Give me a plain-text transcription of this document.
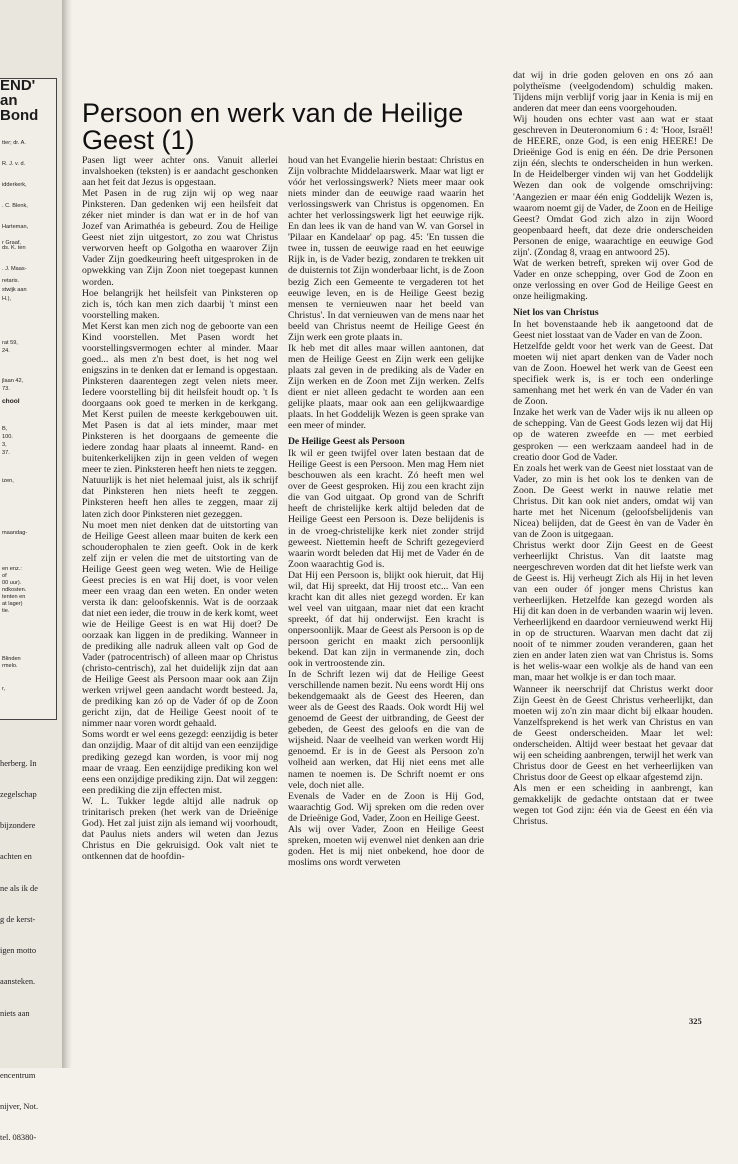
END'
an
Bond

tter; dr. A.

R. J. v. d.

idderkerk,

. C. Blenk,

Harteman,

ds. K. ten

. J. Maas-

stwijk aan

r Graaf,
retaris.
H.),
rat 59,
24.
jlaan 42,
73.
chool
B,
100.
3,
37.
izen,
maandag-
en enz.:
of
00 uur).
ndkosten.
tenten en
at lager)
tie.
Blinden
rmelo.
r,

herberg. In

zegelschap

bijzondere

achten en

ne als ik de

g de kerst-

igen motto

aansteken.

niets aan

encentrum

nijver, Not.

tel. 08380-

Persoon en werk van de Heilige Geest (1)

Pasen ligt weer achter ons. Vanuit allerlei invalshoeken (teksten) is er aandacht geschonken aan het feit dat Jezus is opgestaan.

Met Pasen in de rug zijn wij op weg naar Pinksteren. Dan gedenken wij een heilsfeit dat zéker niet minder is dan wat er in de hof van Jozef van Arimathéa is gebeurd. Zou de Heilige Geest niet zijn uitgestort, zo zou wat Christus verworven heeft op Golgotha en waarover Zijn Vader Zijn goedkeuring heeft uitgesproken in de opwekking van Zijn Zoon niet toegepast kunnen worden.

Hoe belangrijk het heilsfeit van Pinksteren op zich is, tóch kan men zich daarbij 't minst een voorstelling maken.

Met Kerst kan men zich nog de geboorte van een Kind voorstellen. Met Pasen wordt het voorstellingsvermogen echter al minder. Maar goed... als men z'n best doet, is het nog wel enigszins in te denken dat er Iemand is opgestaan. Pinksteren daarentegen zegt velen niets meer. Iedere voorstelling bij dit heilsfeit houdt op. 't Is doorgaans ook goed te merken in de kerkgang. Met Kerst puilen de meeste kerkgebouwen uit. Met Pasen is dat al iets minder, maar met Pinksteren is het doorgaans de gemeente die iedere zondag haar plaats al inneemt. Rand- en buitenkerkelijken zijn in geen velden of wegen meer te zien. Pinksteren heeft hen niets te zeggen.

Natuurlijk is het niet helemaal juist, als ik schrijf dat Pinksteren hen niets heeft te zeggen. Pinksteren heeft hen alles te zeggen, maar zij laten zich door Pinksteren niet gezeggen.

Nu moet men niet denken dat de uitstorting van de Heilige Geest alleen maar buiten de kerk een schouderophalen te zien geeft. Ook in de kerk zelf zijn er velen die met de uitstorting van de Heilige Geest geen weg weten. Wie de Heilige Geest precies is en wat Hij doet, is voor velen meer een vraag dan een weten. En onder weten versta ik dan: geloofskennis. Wat is de oorzaak dat niet een ieder, die trouw in de kerk komt, weet wie de Heilige Geest is en wat Hij doet? De oorzaak kan liggen in de prediking. Wanneer in de prediking alle nadruk alleen valt op God de Vader (patrocentrisch) of alleen maar op Christus (christo-centrisch), zal het duidelijk zijn dat aan de Heilige Geest als Persoon maar ook aan Zijn werken vrijwel geen aandacht wordt besteed. Ja, de prediking kan zó op de Vader óf op de Zoon gericht zijn, dat de Heilige Geest nooit of te nimmer naar voren wordt gehaald.

Soms wordt er wel eens gezegd: eenzijdig is beter dan onzijdig. Maar of dit altijd van een eenzijdige prediking gezegd kan worden, is voor mij nog maar de vraag. Een eenzijdige prediking kon wel eens een onzijdige prediking zijn. Dat wil zeggen: een prediking die zijn effecten mist.

W. L. Tukker legde altijd alle nadruk op trinitarisch preken (het werk van de Drieënige God). Het zal juist zijn als iemand wij voorhoudt, dat Paulus niets anders wil weten dan Jezus Christus en Die gekruisigd. Ook valt niet te ontkennen dat de hoofdin-

houd van het Evangelie hierin bestaat: Christus en Zijn volbrachte Middelaarswerk. Maar wat ligt er vóór het verlossingswerk? Niets meer maar ook niets minder dan de eeuwige raad waarin het verlossingswerk van Christus is opgenomen. En achter het verlossingswerk ligt het eeuwige rijk. En dan lees ik van de hand van W. van Gorsel in 'Pilaar en Kandelaar' op pag. 45: 'En tussen die twee in, tussen de eeuwige raad en het eeuwige Rijk in, is de Vader bezig, zondaren te trekken uit de duisternis tot Zijn wonderbaar licht, is de Zoon bezig Zich een Gemeente te vergaderen tot het eeuwige leven, en is de Heilige Geest bezig mensen te vernieuwen naar het beeld van Christus'. In dat vernieuwen van de mens naar het beeld van Christus neemt de Heilige Geest én Zijn werk een grote plaats in.

Ik heb met dit alles maar willen aantonen, dat men de Heilige Geest en Zijn werk een gelijke plaats zal geven in de prediking als de Vader en Zijn werken en de Zoon met Zijn werken. Zelfs dient er niet alleen gedacht te worden aan een gelijke plaats, maar ook aan een gelijkwaardige plaats. In het Goddelijk Wezen is geen sprake van een meer of minder.

De Heilige Geest als Persoon

Ik wil er geen twijfel over laten bestaan dat de Heilige Geest is een Persoon. Men mag Hem niet beschouwen als een kracht. Zó heeft men wel over de Geest gesproken. Hij zou een kracht zijn die van God uitgaat. Op grond van de Schrift heeft de christelijke kerk altijd beleden dat de Heilige Geest een Persoon is. Deze belijdenis is in de vroeg-christelijke kerk niet zonder strijd geweest. Niettemin heeft de Schrift gezegevierd waarin wordt beleden dat Hij met de Vader én de Zoon waarachtig God is.

Dat Hij een Persoon is, blijkt ook hieruit, dat Hij wil, dat Hij spreekt, dat Hij troost etc... Van een kracht kan dit alles niet gezegd worden. Er kan wel veel van uitgaan, maar niet dat een kracht spreekt, óf dat hij onderwijst. Een kracht is onpersoonlijk. Maar de Geest als Persoon is op de persoon gericht en maakt zich persoonlijk bekend. Dat kan zijn in vermanende zin, doch ook in vertroostende zin.

In de Schrift lezen wij dat de Heilige Geest verschillende namen bezit. Nu eens wordt Hij ons bekendgemaakt als de Geest des Heeren, dan weer als de Geest des Raads. Ook wordt Hij wel genoemd de Geest der uitbranding, de Geest der gebeden, de Geest des geloofs en die van de wijsheid. Naar de veelheid van werken wordt Hij genoemd. Er is in de Geest als Persoon zo'n volheid aan werken, dat Hij niet eens met alle namen te noemen is. De Schrift noemt er ons vele, doch niet alle.

Evenals de Vader en de Zoon is Hij God, waarachtig God. Wij spreken om die reden over de Drieënige God, Vader, Zoon en Heilige Geest.

Als wij over Vader, Zoon en Heilige Geest spreken, moeten wij evenwel niet denken aan drie goden. Het is mij niet onbekend, hoe door de moslims ons wordt verweten

dat wij in drie goden geloven en ons zó aan polytheïsme (veelgodendom) schuldig maken. Tijdens mijn verblijf vorig jaar in Kenia is mij en anderen dat meer dan eens voorgehouden.

Wij houden ons echter vast aan wat er staat geschreven in Deuteronomium 6 : 4: 'Hoor, Israël! de HEERE, onze God, is een enig HEERE! De Drieënige God is enig en één. De drie Personen zijn één, slechts te onderscheiden in hun werken. In de Heidelberger vinden wij van het Goddelijk Wezen dan ook de volgende omschrijving: 'Aangezien er maar één enig Goddelijk Wezen is, waarom noemt gij de Vader, de Zoon en de Heilige Geest? Omdat God zich alzo in zijn Woord geopenbaard heeft, dat deze drie onderscheiden Personen de enige, waarachtige en eeuwige God zijn'. (Zondag 8, vraag en antwoord 25).

Wat de werken betreft, spreken wij over God de Vader en onze schepping, over God de Zoon en onze verlossing en over God de Heilige Geest en onze heiligmaking.

Niet los van Christus

In het bovenstaande heb ik aangetoond dat de Geest niet losstaat van de Vader en van de Zoon.

Hetzelfde geldt voor het werk van de Geest. Dat moeten wij niet apart denken van de Vader noch van de Zoon. Hoewel het werk van de Geest een specifiek werk is, is er toch een onderlinge samenhang met het werk én van de Vader én van de Zoon.

Inzake het werk van de Vader wijs ik nu alleen op de schepping. Van de Geest Gods lezen wij dat Hij op de wateren zweefde en — met eerbied gesproken — een werkzaam aandeel had in de creatio door God de Vader.

En zoals het werk van de Geest niet losstaat van de Vader, zo min is het ook los te denken van de Zoon. De Geest werkt in nauwe relatie met Christus. Dit kan ook niet anders, omdat wij van harte met het Nicenum (geloofsbelijdenis van Nicea) belijden, dat de Geest èn van de Vader èn van de Zoon is uitgegaan.

Christus werkt door Zijn Geest en de Geest verheerlijkt Christus. Van dit laatste mag neergeschreven worden dat dit het liefste werk van de Geest is. Hij verheugt Zich als Hij in het leven van een ouder óf jonger mens Christus kan verheerlijken. Hetzelfde kan gezegd worden als Hij dit kan doen in de verbanden waarin wij leven. Verheerlijkend en daardoor vernieuwend werkt Hij in op de structuren. Waarvan men dacht dat zij nooit of te nimmer zouden veranderen, gaan het zien en ander laten zien wat van Christus is. Soms is het welis-waar een wolkje als de hand van een man, maar het wolkje is er dan toch maar.

Wanneer ik neerschrijf dat Christus werkt door Zijn Geest èn de Geest Christus verheerlijkt, dan moeten wij zo'n zin maar dicht bij elkaar houden. Vanzelfsprekend is het werk van Christus en van de Geest onderscheiden. Maar let wel: onderscheiden. Altijd weer bestaat het gevaar dat wij een scheiding aanbrengen, terwijl het werk van Christus door de Geest en het verheerlijken van Christus door de Geest op elkaar afgestemd zijn.

Als men er een scheiding in aanbrengt, kan gemakkelijk de gedachte ontstaan dat er twee wegen tot God zijn: één via de Geest en één via Christus.

325
